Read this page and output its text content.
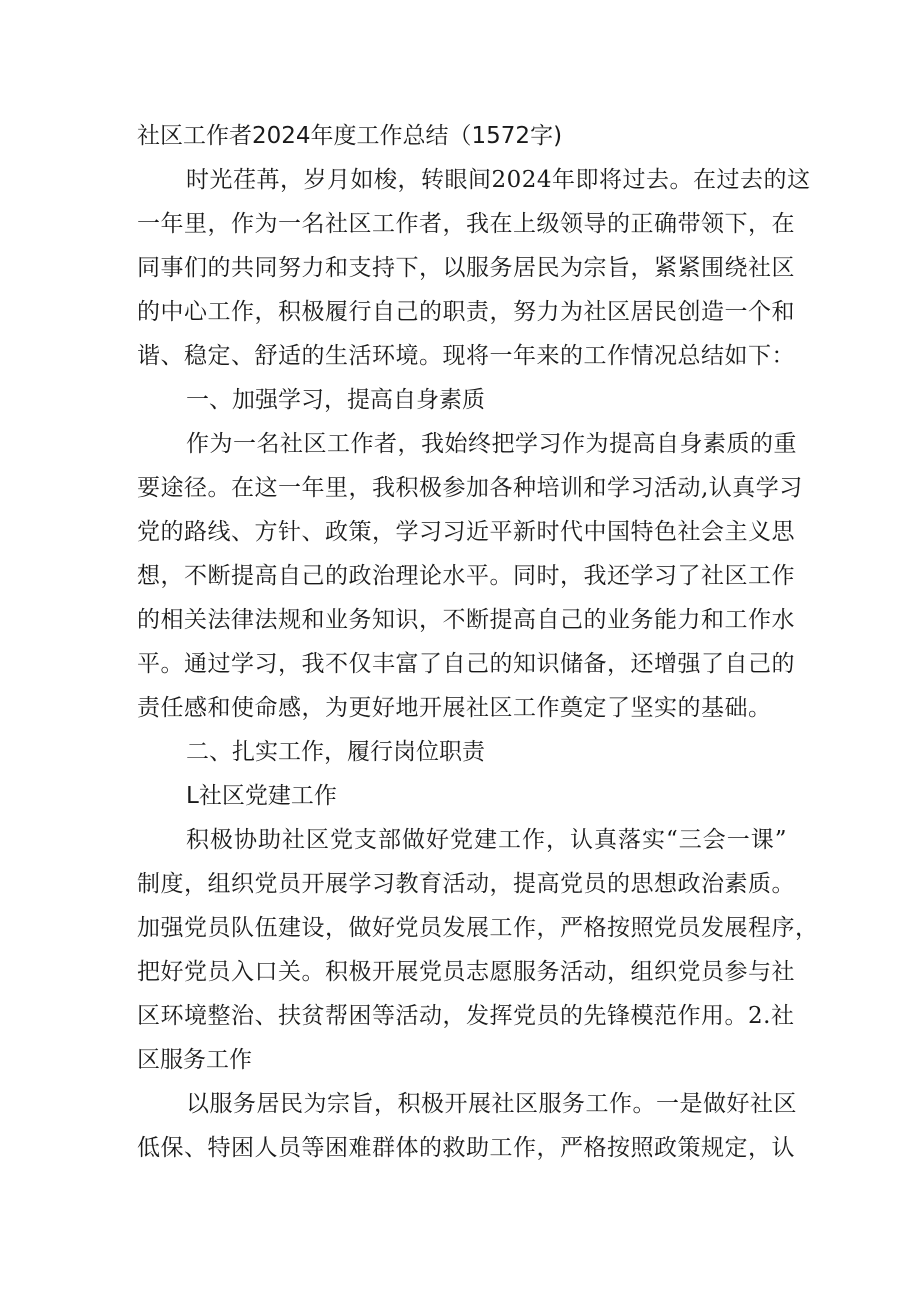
社区工作者2024年度工作总结（1572字)
时光荏苒，岁月如梭，转眼间2024年即将过去。在过去的这
一年里，作为一名社区工作者，我在上级领导的正确带领下，在
同事们的共同努力和支持下，以服务居民为宗旨，紧紧围绕社区
的中心工作，积极履行自己的职责，努力为社区居民创造一个和
谐、稳定、舒适的生活环境。现将一年来的工作情况总结如下：
一、加强学习，提高自身素质
作为一名社区工作者，我始终把学习作为提高自身素质的重
要途径。在这一年里，我积极参加各种培训和学习活动,认真学习
党的路线、方针、政策，学习习近平新时代中国特色社会主义思
想，不断提高自己的政治理论水平。同时，我还学习了社区工作
的相关法律法规和业务知识，不断提高自己的业务能力和工作水
平。通过学习，我不仅丰富了自己的知识储备，还增强了自己的
责任感和使命感，为更好地开展社区工作奠定了坚实的基础。
二、扎实工作，履行岗位职责
L社区党建工作
积极协助社区党支部做好党建工作，认真落实“三会一课”
制度，组织党员开展学习教育活动，提高党员的思想政治素质。
加强党员队伍建设，做好党员发展工作，严格按照党员发展程序，
把好党员入口关。积极开展党员志愿服务活动，组织党员参与社
区环境整治、扶贫帮困等活动，发挥党员的先锋模范作用。2.社
区服务工作
以服务居民为宗旨，积极开展社区服务工作。一是做好社区
低保、特困人员等困难群体的救助工作，严格按照政策规定，认
